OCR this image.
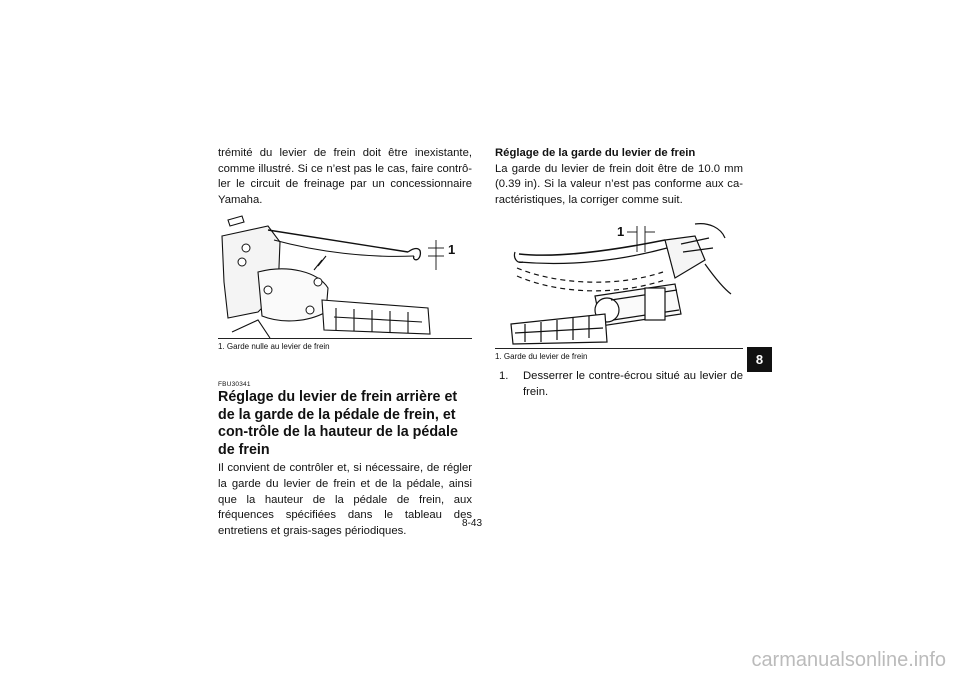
trémité du levier de frein doit être inexistante, comme illustré. Si ce n’est pas le cas, faire contrô-ler le circuit de freinage par un concessionnaire Yamaha.

1
1. Garde nulle au levier de frein
FBU30341
Réglage du levier de frein arrière et de la garde de la pédale de frein, et con-trôle de la hauteur de la pédale de frein

Il convient de contrôler et, si nécessaire, de régler la garde du levier de frein et de la pédale, ainsi que la hauteur de la pédale de frein, aux fréquences spécifiées dans le tableau des entretiens et grais-sages périodiques.

Réglage de la garde du levier de frein

La garde du levier de frein doit être de 10.0 mm (0.39 in). Si la valeur n’est pas conforme aux ca-ractéristiques, la corriger comme suit.

1
1. Garde du levier de frein
1.	Desserrer le contre-écrou situé au levier de frein.
8
8-43
carmanualsonline.info
